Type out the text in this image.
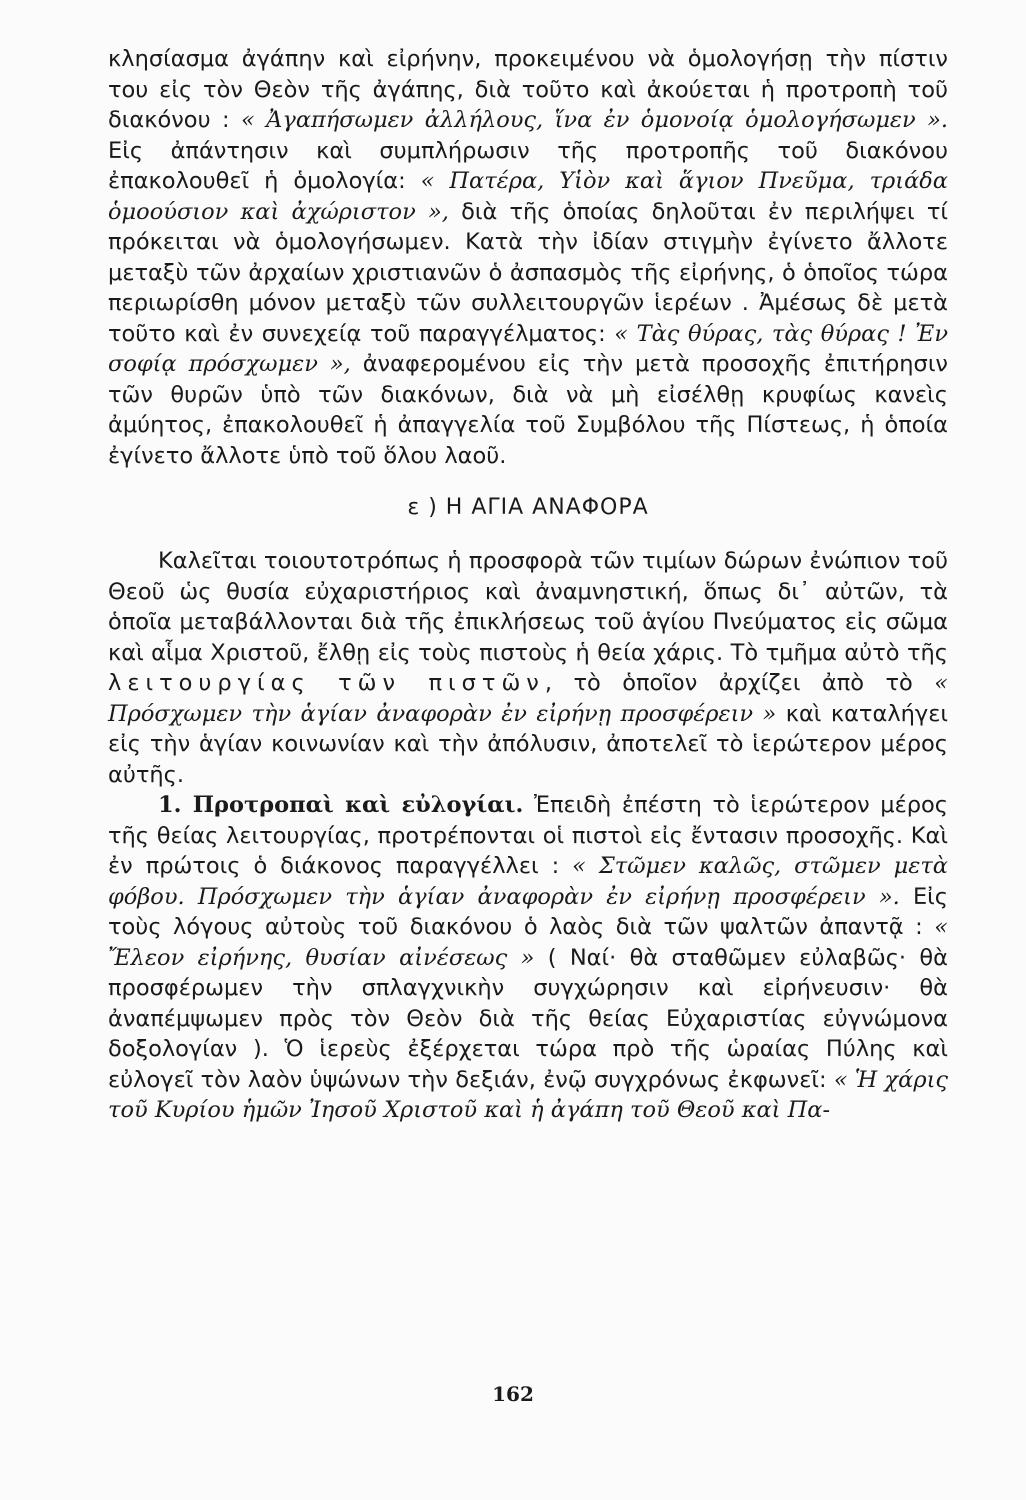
κλησίασμα ἀγάπην καὶ εἰρήνην, προκειμένου νὰ ὁμολογήσῃ τὴν πίστιν του εἰς τὸν Θεὸν τῆς ἀγάπης, διὰ τοῦτο καὶ ἀκούεται ἡ προτροπὴ τοῦ διακόνου : « Ἀγαπήσωμεν ἀλλήλους, ἵνα ἐν ὁμονοίᾳ ὁμολογήσωμεν ». Εἰς ἀπάντησιν καὶ συμπλήρωσιν τῆς προτροπῆς τοῦ διακόνου ἐπακολουθεῖ ἡ ὁμολογία: « Πατέρα, Υἱὸν καὶ ἅγιον Πνεῦμα, τριάδα ὁμοούσιον καὶ ἀχώριστον », διὰ τῆς ὁποίας δηλοῦται ἐν περιλήψει τί πρόκειται νὰ ὁμολογήσωμεν. Κατὰ τὴν ἰδίαν στιγμὴν ἐγίνετο ἄλλοτε μεταξὺ τῶν ἀρχαίων χριστιανῶν ὁ ἀσπασμὸς τῆς εἰρήνης, ὁ ὁποῖος τώρα περιωρίσθη μόνον μεταξὺ τῶν συλλειτουργῶν ἱερέων . Ἀμέσως δὲ μετὰ τοῦτο καὶ ἐν συνεχείᾳ τοῦ παραγγέλματος: « Τὰς θύρας, τὰς θύρας ! Ἐν σοφίᾳ πρόσχωμεν », ἀναφερομένου εἰς τὴν μετὰ προσοχῆς ἐπιτήρησιν τῶν θυρῶν ὑπὸ τῶν διακόνων, διὰ νὰ μὴ εἰσέλθῃ κρυφίως κανεὶς ἀμύητος, ἐπακολουθεῖ ἡ ἀπαγγελία τοῦ Συμβόλου τῆς Πίστεως, ἡ ὁποία ἐγίνετο ἄλλοτε ὑπὸ τοῦ ὅλου λαοῦ.

ε ) Η ΑΓΙΑ ΑΝΑΦΟΡΑ

Καλεῖται τοιουτοτρόπως ἡ προσφορὰ τῶν τιμίων δώρων ἐνώπιον τοῦ Θεοῦ ὡς θυσία εὐχαριστήριος καὶ ἀναμνηστική, ὅπως δι᾽ αὐτῶν, τὰ ὁποῖα μεταβάλλονται διὰ τῆς ἐπικλήσεως τοῦ ἁγίου Πνεύματος εἰς σῶμα καὶ αἷμα Χριστοῦ, ἔλθῃ εἰς τοὺς πιστοὺς ἡ θεία χάρις. Τὸ τμῆμα αὐτὸ τῆς λειτουργίας τῶν πιστῶν, τὸ ὁποῖον ἀρχίζει ἀπὸ τὸ « Πρόσχωμεν τὴν ἁγίαν ἀναφορὰν ἐν εἰρήνῃ προσφέρειν » καὶ καταλήγει εἰς τὴν ἁγίαν κοινωνίαν καὶ τὴν ἀπόλυσιν, ἀποτελεῖ τὸ ἱερώτερον μέρος αὐτῆς.

1. Προτροπαὶ καὶ εὐλογίαι. Ἐπειδὴ ἐπέστη τὸ ἱερώτερον μέρος τῆς θείας λειτουργίας, προτρέπονται οἱ πιστοὶ εἰς ἔντασιν προσοχῆς. Καὶ ἐν πρώτοις ὁ διάκονος παραγγέλλει : « Στῶμεν καλῶς, στῶμεν μετὰ φόβου. Πρόσχωμεν τὴν ἁγίαν ἀναφορὰν ἐν εἰρήνῃ προσφέρειν ». Εἰς τοὺς λόγους αὐτοὺς τοῦ διακόνου ὁ λαὸς διὰ τῶν ψαλτῶν ἀπαντᾷ : « Ἔλεον εἰρήνης, θυσίαν αἰνέσεως » ( Ναί· θὰ σταθῶμεν εὐλαβῶς· θὰ προσφέρωμεν τὴν σπλαγχνικὴν συγχώρησιν καὶ εἰρήνευσιν· θὰ ἀναπέμψωμεν πρὸς τὸν Θεὸν διὰ τῆς θείας Εὐχαριστίας εὐγνώμονα δοξολογίαν ). Ὁ ἱερεὺς ἐξέρχεται τώρα πρὸ τῆς ὡραίας Πύλης καὶ εὐλογεῖ τὸν λαὸν ὑψώνων τὴν δεξιάν, ἐνῷ συγχρόνως ἐκφωνεῖ: « Ἡ χάρις τοῦ Κυρίου ἡμῶν Ἰησοῦ Χριστοῦ καὶ ἡ ἀγάπη τοῦ Θεοῦ καὶ Πα-

162
